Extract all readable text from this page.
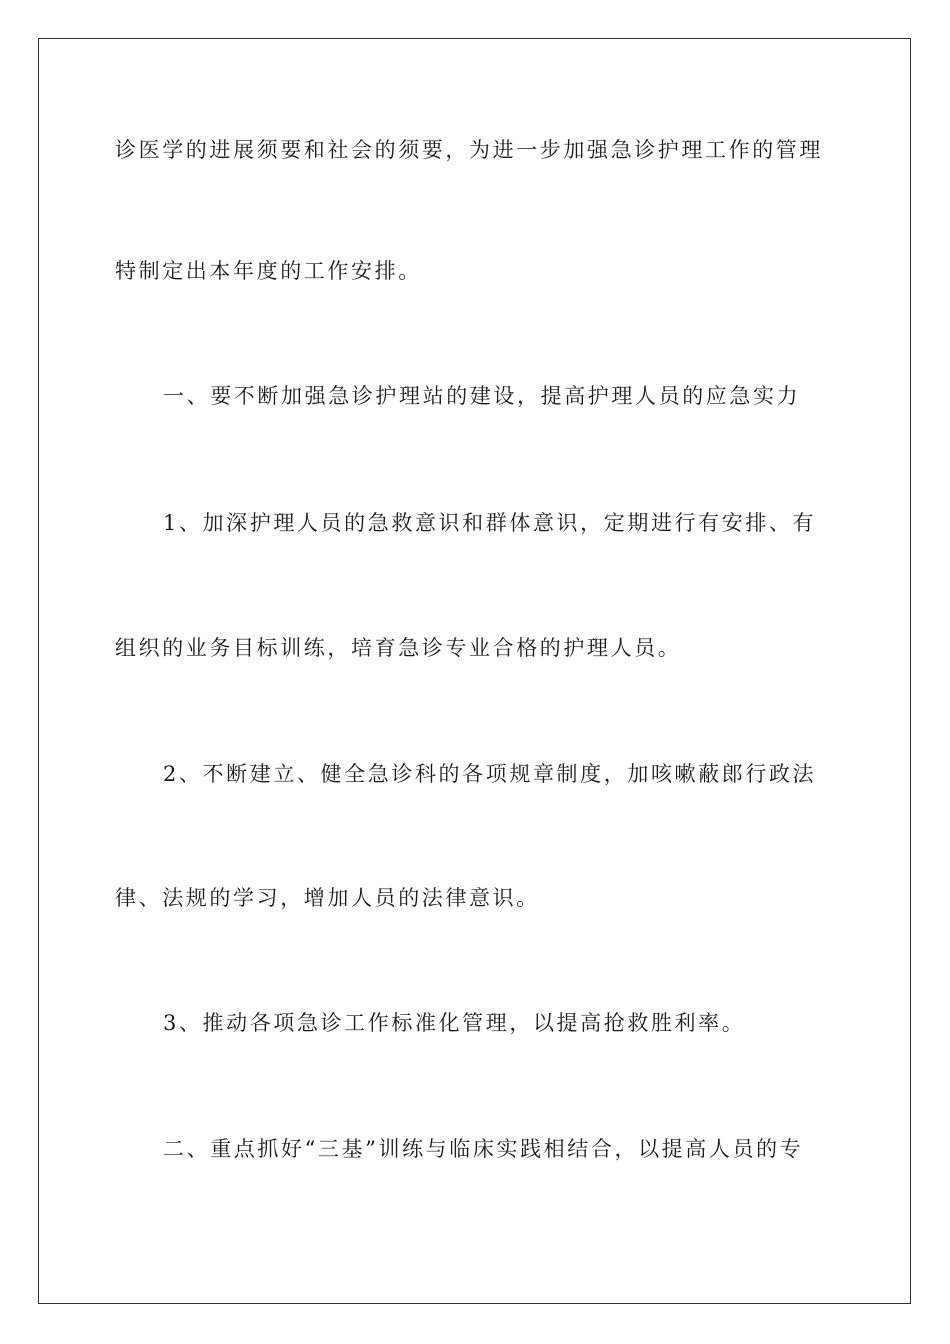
诊医学的进展须要和社会的须要，为进一步加强急诊护理工作的管理
特制定出本年度的工作安排。
一、要不断加强急诊护理站的建设，提高护理人员的应急实力
1、加深护理人员的急救意识和群体意识，定期进行有安排、有
组织的业务目标训练，培育急诊专业合格的护理人员。
2、不断建立、健全急诊科的各项规章制度，加咳嗽蔽郎行政法
律、法规的学习，增加人员的法律意识。
3、推动各项急诊工作标准化管理，以提高抢救胜利率。
二、重点抓好“三基”训练与临床实践相结合，以提高人员的专
